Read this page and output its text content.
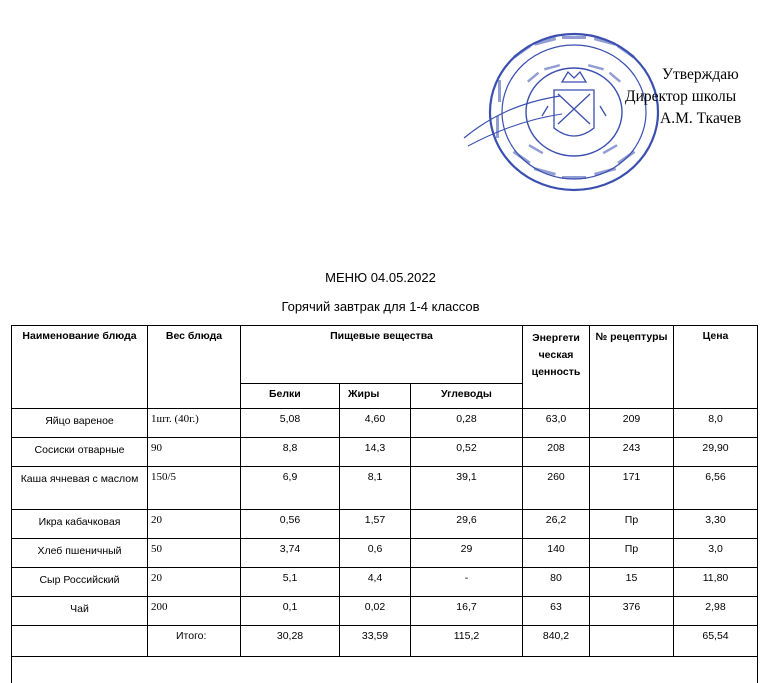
Утверждаю
Директор школы
А.М. Ткачев
МЕНЮ 04.05.2022
Горячий завтрак для 1-4 классов
Наименование блюда	Вес блюда	Пищевые вещества			Энергети ческая ценность	№ рецептуры	Цена
		Белки	Жиры	Углеводы			
Яйцо вареное	1шт. (40г.)	5,08	4,60	0,28	63,0	209	8,0
Сосиски отварные	90	8,8	14,3	0,52	208	243	29,90
Каша ячневая с маслом	150/5	6,9	8,1	39,1	260	171	6,56
Икра кабачковая	20	0,56	1,57	29,6	26,2	Пр	3,30
Хлеб пшеничный	50	3,74	0,6	29	140	Пр	3,0
Сыр Российский	20	5,1	4,4	-	80	15	11,80
Чай	200	0,1	0,02	16,7	63	376	2,98
	Итого:	30,28	33,59	115,2	840,2		65,54
